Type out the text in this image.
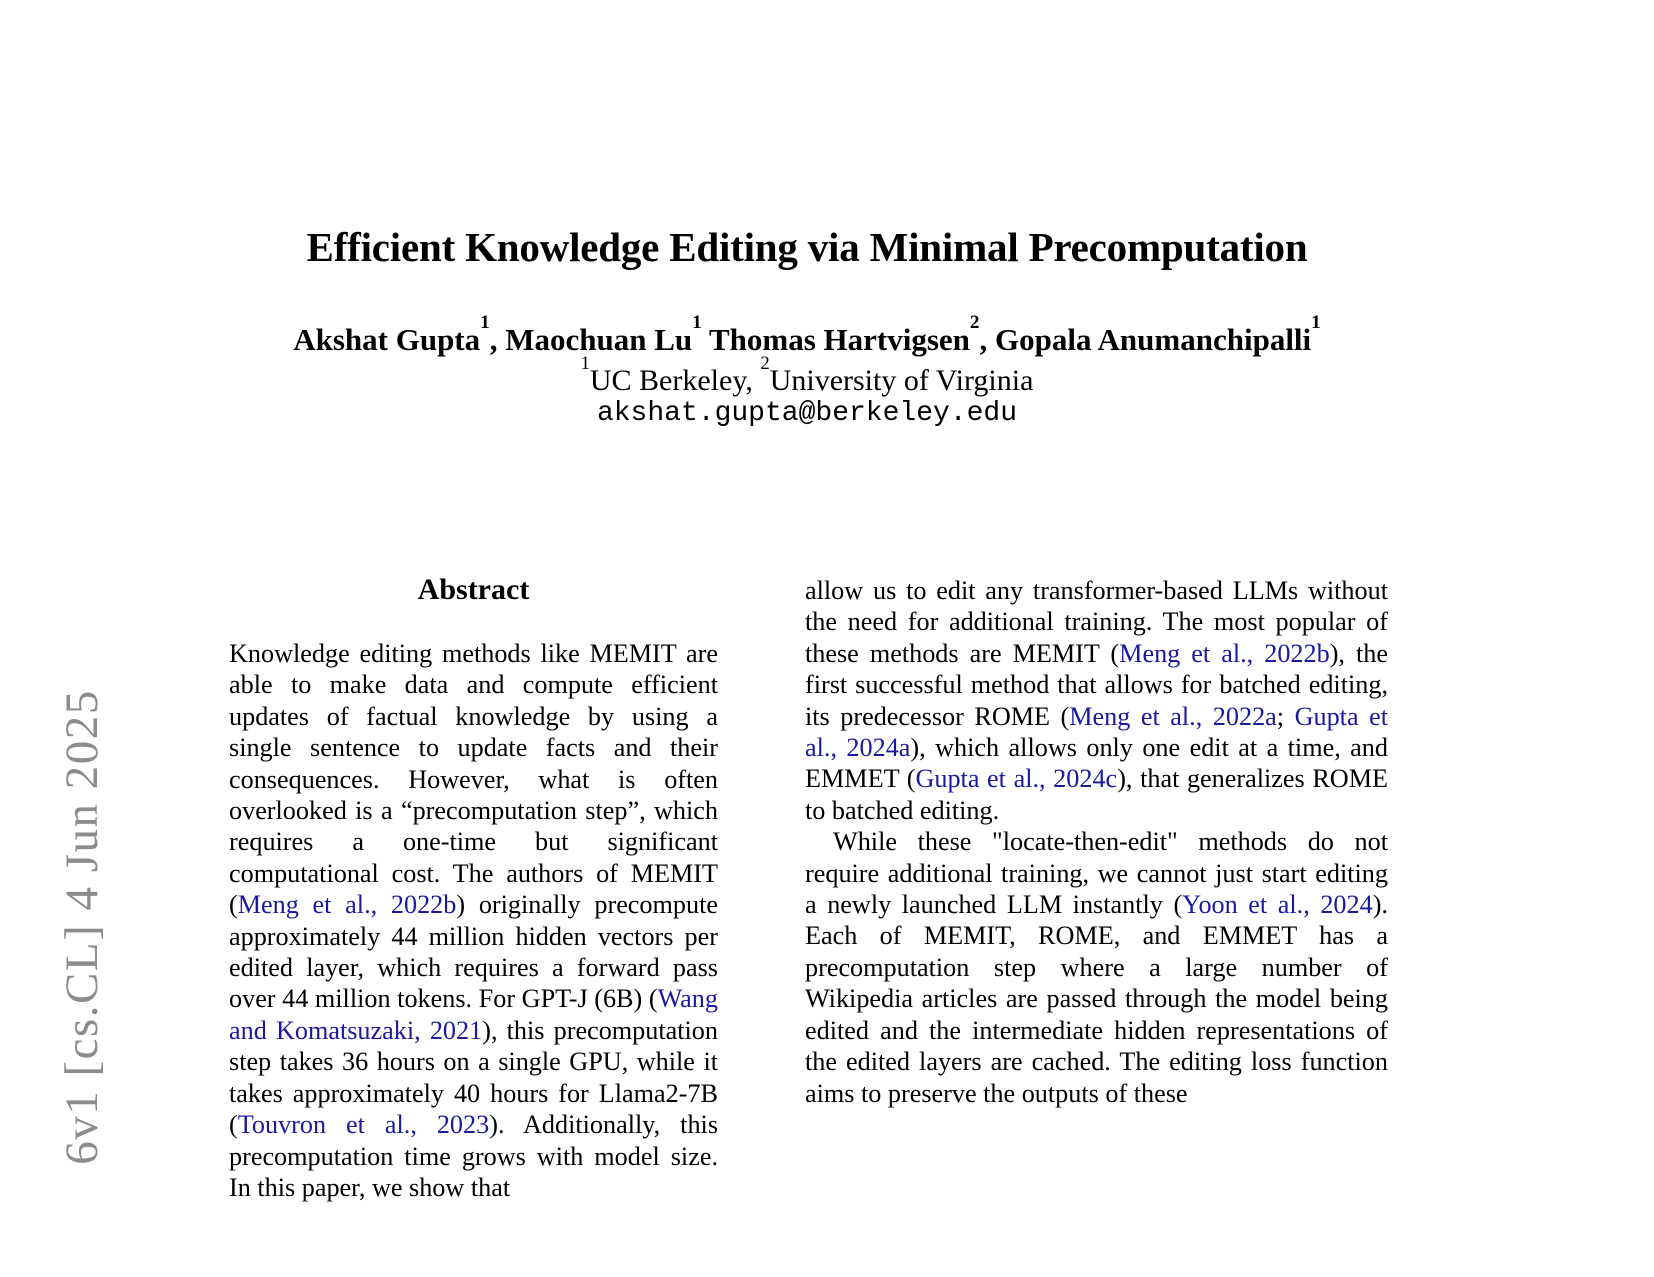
6v1 [cs.CL] 4 Jun 2025
Efficient Knowledge Editing via Minimal Precomputation
Akshat Gupta$^1$, Maochuan Lu$^1$ Thomas Hartvigsen$^2$, Gopala Anumanchipalli$^1$
$^1$UC Berkeley, $^2$University of Virginia
akshat.gupta@berkeley.edu
Abstract

Knowledge editing methods like MEMIT are able to make data and compute efficient updates of factual knowledge by using a single sentence to update facts and their consequences. However, what is often overlooked is a “precomputation step”, which requires a one-time but significant computational cost. The authors of MEMIT (Meng et al., 2022b) originally precompute approximately 44 million hidden vectors per edited layer, which requires a forward pass over 44 million tokens. For GPT-J (6B) (Wang and Komatsuzaki, 2021), this precomputation step takes 36 hours on a single GPU, while it takes approximately 40 hours for Llama2-7B (Touvron et al., 2023). Additionally, this precomputation time grows with model size. In this paper, we show that

allow us to edit any transformer-based LLMs without the need for additional training. The most popular of these methods are MEMIT (Meng et al., 2022b), the first successful method that allows for batched editing, its predecessor ROME (Meng et al., 2022a; Gupta et al., 2024a), which allows only one edit at a time, and EMMET (Gupta et al., 2024c), that generalizes ROME to batched editing.

While these "locate-then-edit" methods do not require additional training, we cannot just start editing a newly launched LLM instantly (Yoon et al., 2024). Each of MEMIT, ROME, and EMMET has a precomputation step where a large number of Wikipedia articles are passed through the model being edited and the intermediate hidden representations of the edited layers are cached. The editing loss function aims to preserve the outputs of these
